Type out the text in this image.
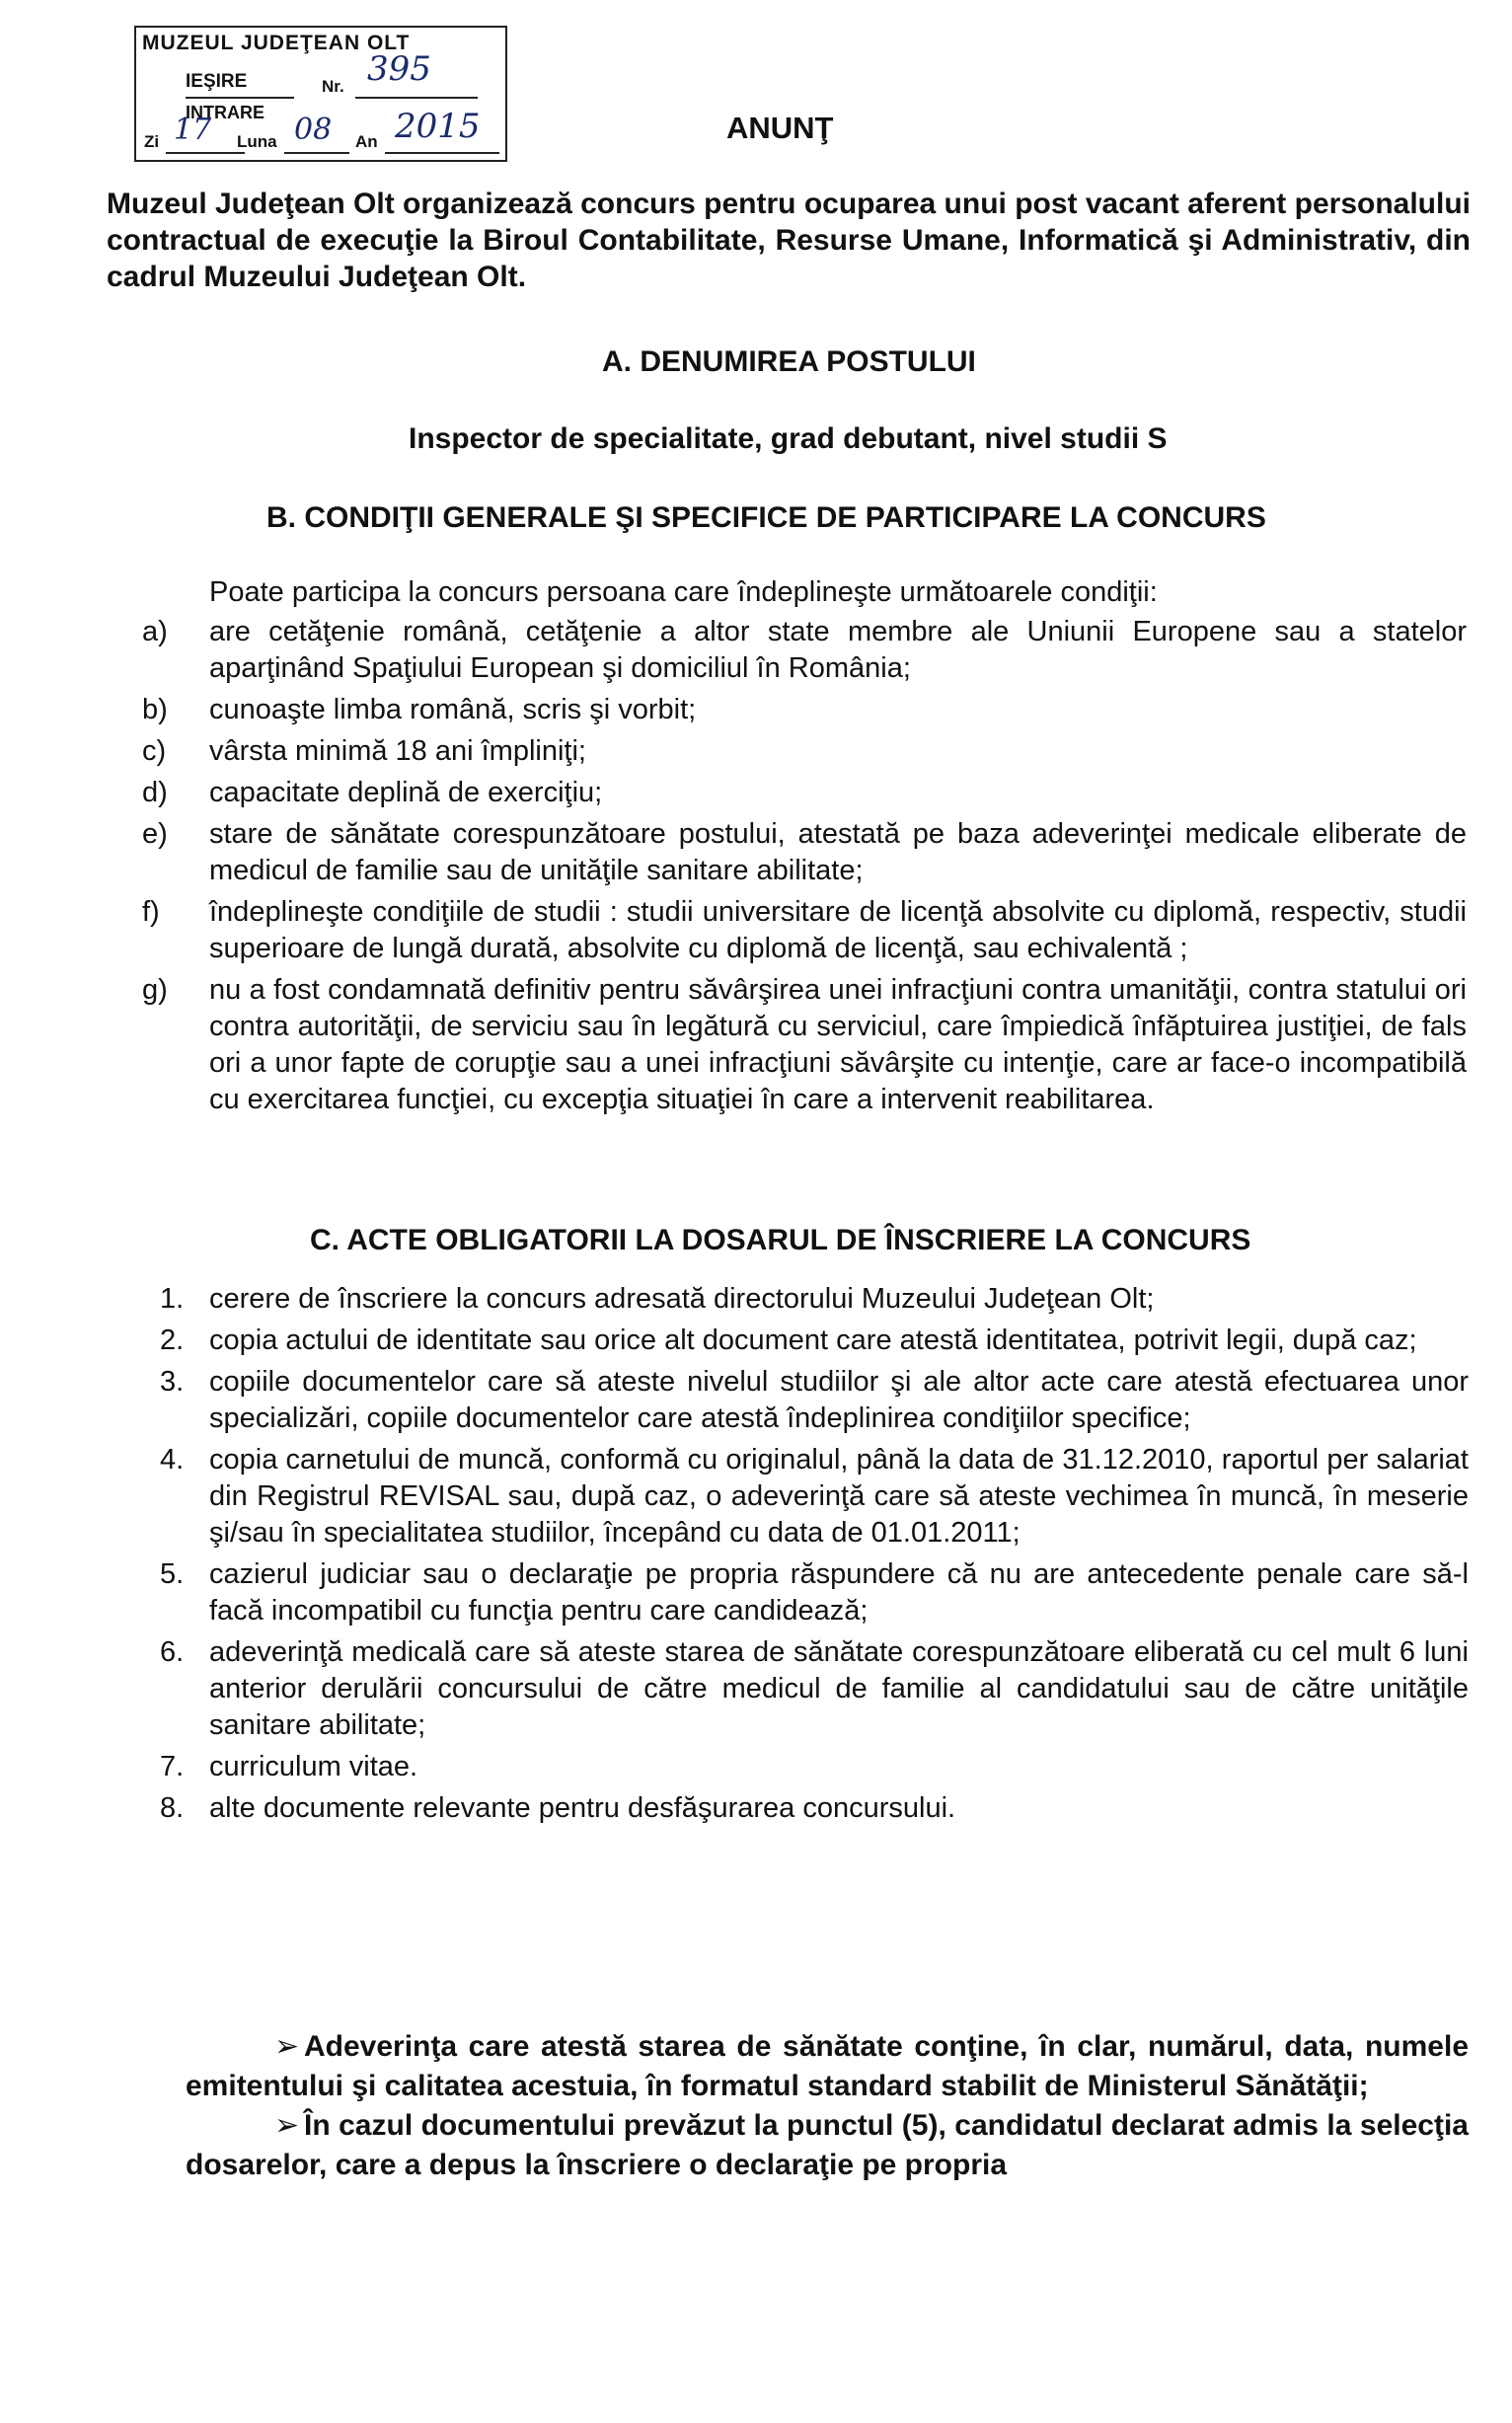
MUZEUL JUDEŢEAN OLT
IEŞIRE	Nr. 395
INTRARE
Zi 17 Luna 08 An 2015	ANUNŢ
Muzeul Judeţean Olt organizează concurs pentru ocuparea unui post vacant aferent personalului contractual de execuţie la Biroul Contabilitate, Resurse Umane, Informatică şi Administrativ, din cadrul Muzeului Judeţean Olt.
A. DENUMIREA POSTULUI
Inspector de specialitate, grad debutant, nivel studii S
B. CONDIŢII GENERALE ŞI SPECIFICE DE PARTICIPARE LA CONCURS
Poate participa la concurs persoana care îndeplineşte următoarele condiţii:
a) are cetăţenie română, cetăţenie a altor state membre ale Uniunii Europene sau a statelor aparţinând Spaţiului European şi domiciliul în România;
b) cunoaşte limba română, scris şi vorbit;
c) vârsta minimă 18 ani împliniţi;
d) capacitate deplină de exerciţiu;
e) stare de sănătate corespunzătoare postului, atestată pe baza adeverinţei medicale eliberate de medicul de familie sau de unităţile sanitare abilitate;
f) îndeplineşte condiţiile de studii : studii universitare de licenţă absolvite cu diplomă, respectiv, studii superioare de lungă durată, absolvite cu diplomă de licenţă, sau echivalentă ;
g) nu a fost condamnată definitiv pentru săvârşirea unei infracţiuni contra umanităţii, contra statului ori contra autorităţii, de serviciu sau în legătură cu serviciul, care împiedică înfăptuirea justiţiei, de fals ori a unor fapte de corupţie sau a unei infracţiuni săvârşite cu intenţie, care ar face-o incompatibilă cu exercitarea funcţiei, cu excepţia situaţiei în care a intervenit reabilitarea.
C. ACTE OBLIGATORII LA DOSARUL DE ÎNSCRIERE LA CONCURS
1. cerere de înscriere la concurs adresată directorului Muzeului Judeţean Olt;
2. copia actului de identitate sau orice alt document care atestă identitatea, potrivit legii, după caz;
3. copiile documentelor care să ateste nivelul studiilor şi ale altor acte care atestă efectuarea unor specializări, copiile documentelor care atestă îndeplinirea condiţiilor specifice;
4. copia carnetului de muncă, conformă cu originalul, până la data de 31.12.2010, raportul per salariat din Registrul REVISAL sau, după caz, o adeverinţă care să ateste vechimea în muncă, în meserie şi/sau în specialitatea studiilor, începând cu data de 01.01.2011;
5. cazierul judiciar sau o declaraţie pe propria răspundere că nu are antecedente penale care să-l facă incompatibil cu funcţia pentru care candidează;
6. adeverinţă medicală care să ateste starea de sănătate corespunzătoare eliberată cu cel mult 6 luni anterior derulării concursului de către medicul de familie al candidatului sau de către unităţile sanitare abilitate;
7. curriculum vitae.
8. alte documente relevante pentru desfăşurarea concursului.
➢ Adeverinţa care atestă starea de sănătate conţine, în clar, numărul, data, numele emitentului şi calitatea acestuia, în formatul standard stabilit de Ministerul Sănătăţii;
➢ În cazul documentului prevăzut la punctul (5), candidatul declarat admis la selecţia dosarelor, care a depus la înscriere o declaraţie pe propria
